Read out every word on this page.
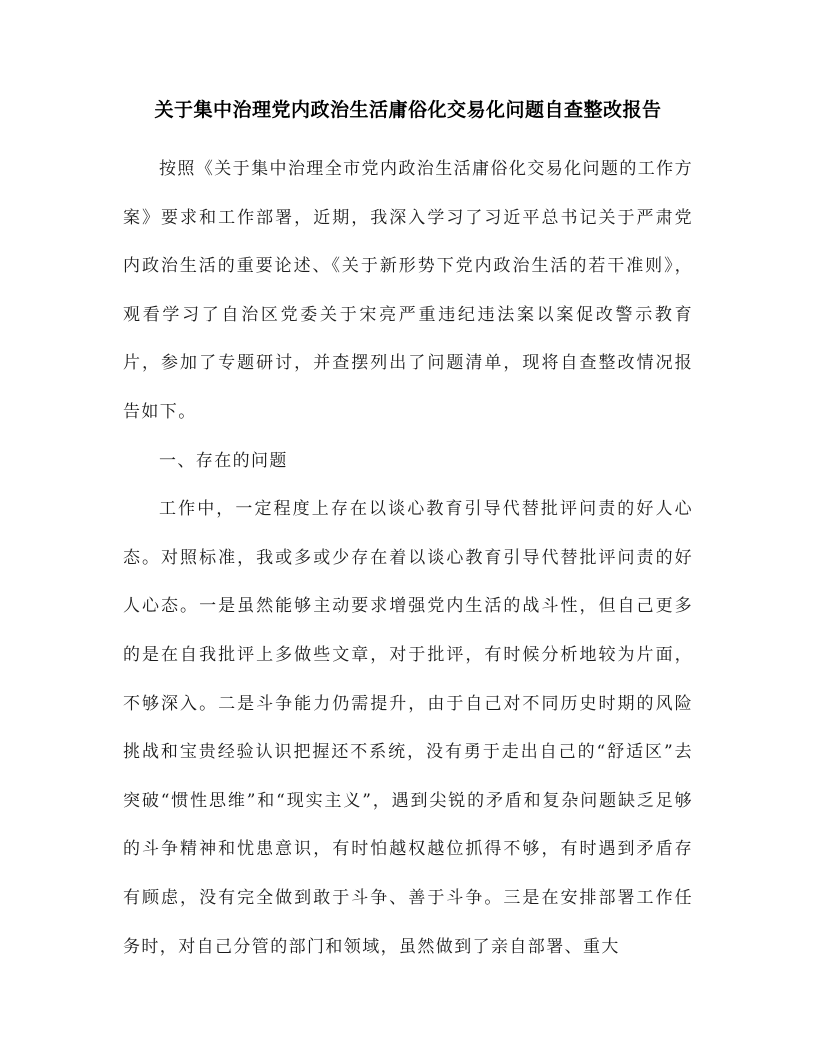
关于集中治理党内政治生活庸俗化交易化问题自查整改报告

按照《关于集中治理全市党内政治生活庸俗化交易化问题的工作方案》要求和工作部署，近期，我深入学习了习近平总书记关于严肃党内政治生活的重要论述、《关于新形势下党内政治生活的若干准则》，观看学习了自治区党委关于宋亮严重违纪违法案以案促改警示教育片，参加了专题研讨，并查摆列出了问题清单，现将自查整改情况报告如下。

一、存在的问题

工作中，一定程度上存在以谈心教育引导代替批评问责的好人心态。对照标准，我或多或少存在着以谈心教育引导代替批评问责的好人心态。一是虽然能够主动要求增强党内生活的战斗性，但自己更多的是在自我批评上多做些文章，对于批评，有时候分析地较为片面，不够深入。二是斗争能力仍需提升，由于自己对不同历史时期的风险挑战和宝贵经验认识把握还不系统，没有勇于走出自己的“舒适区”去突破“惯性思维”和“现实主义”，遇到尖锐的矛盾和复杂问题缺乏足够的斗争精神和忧患意识，有时怕越权越位抓得不够，有时遇到矛盾存有顾虑，没有完全做到敢于斗争、善于斗争。三是在安排部署工作任务时，对自己分管的部门和领域，虽然做到了亲自部署、重大
